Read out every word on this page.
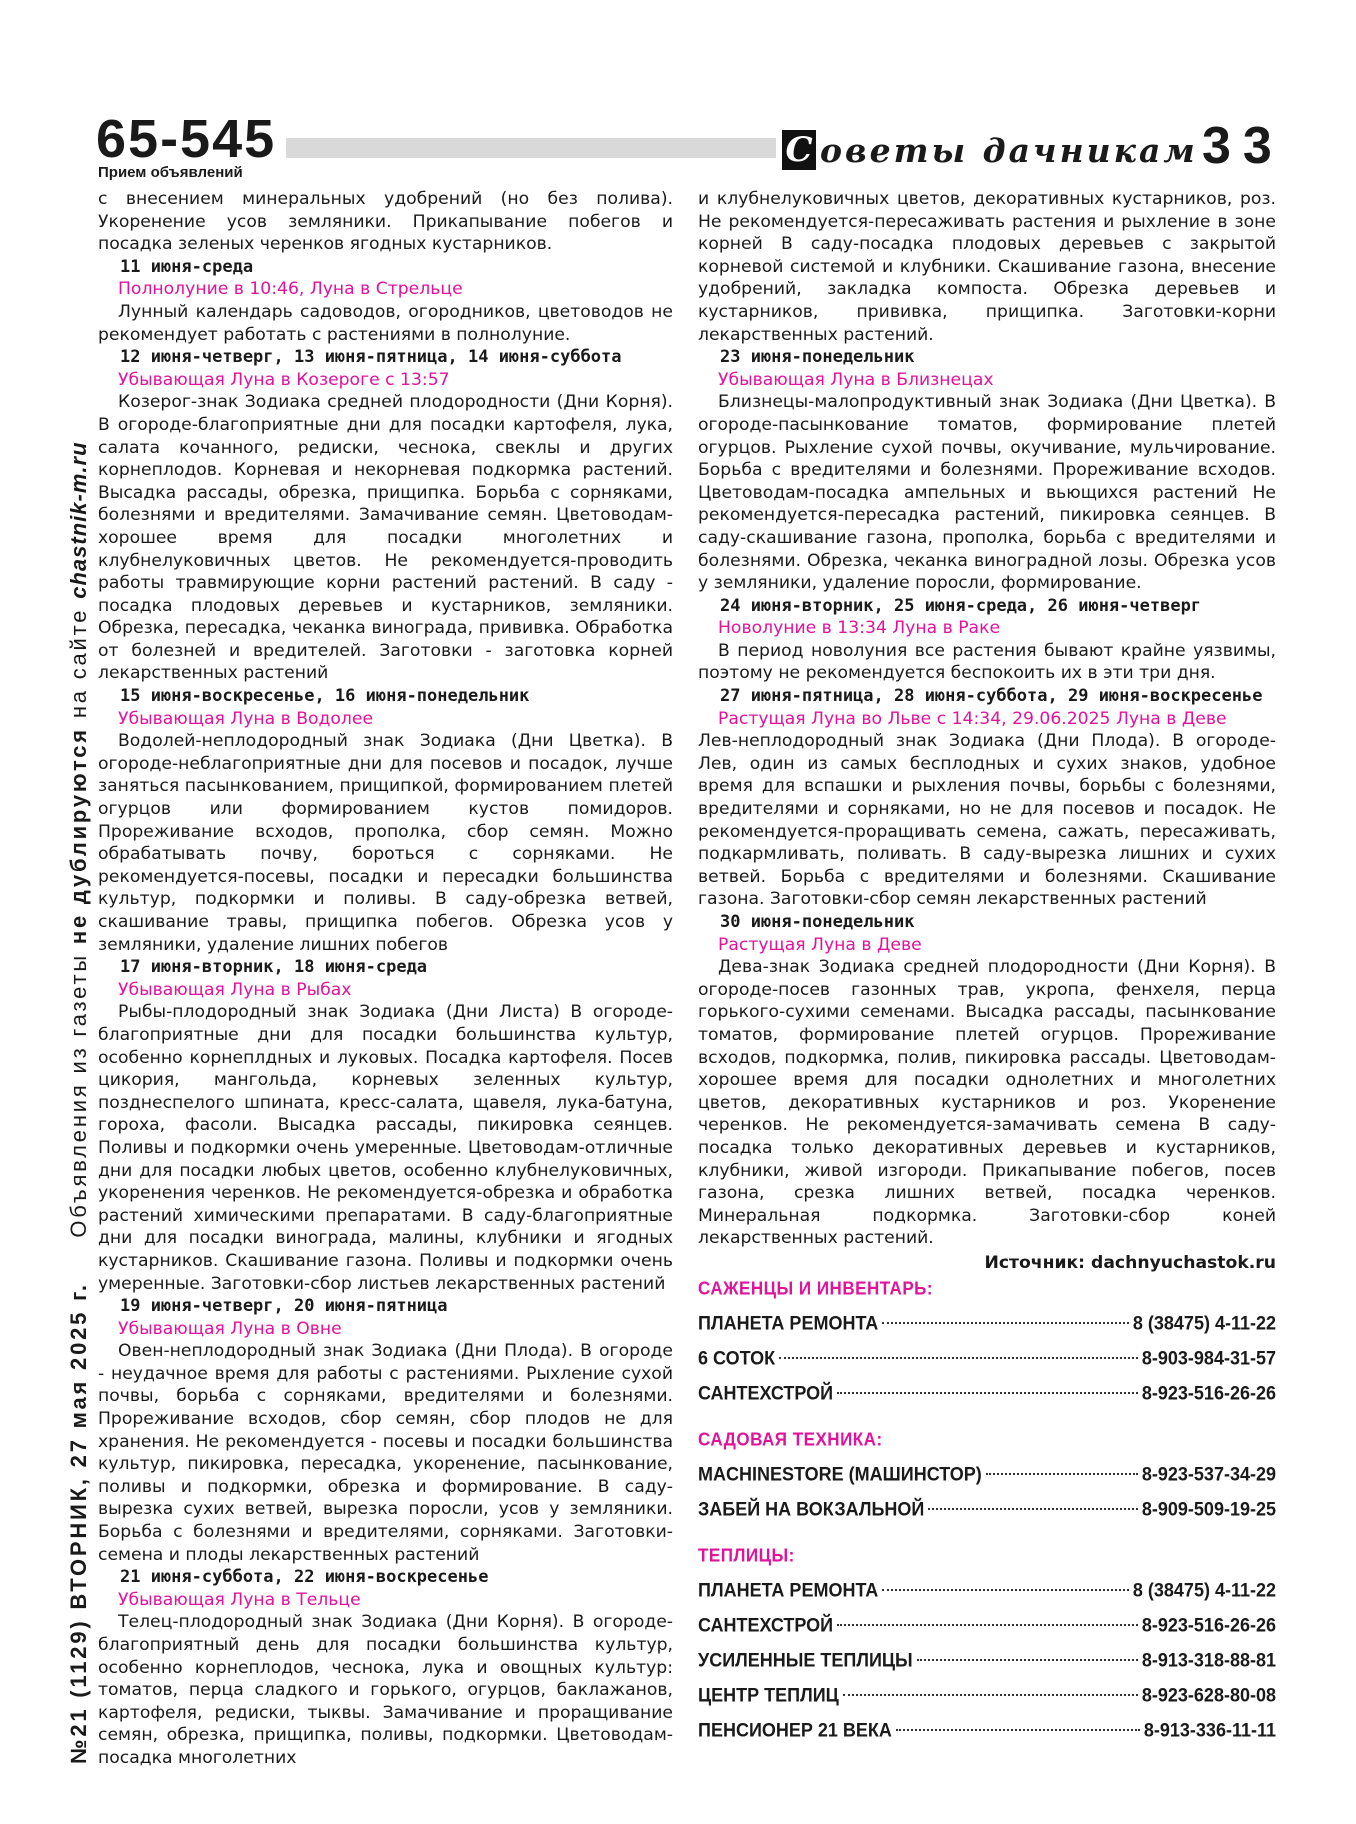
65-545
Прием объявлений
С оветы дачникам 33
№21 (1129) ВТОРНИК, 27 мая 2025 г.     Объявления из газеты не дублируются на сайте chastnik-m.ru

с внесением минеральных удобрений (но без полива). Укоренение усов земляники. Прикапывание побегов и посадка зеленых черенков ягодных кустарников.

11 июня-среда

Полнолуние в 10:46, Луна в Стрельце

Лунный календарь садоводов, огородников, цветоводов не рекомендует работать с растениями в полнолуние.

12 июня-четверг, 13 июня-пятница, 14 июня-суббота

Убывающая Луна в Козероге с 13:57

Козерог-знак Зодиака средней плодородности (Дни Корня). В огороде-благоприятные дни для посадки картофеля, лука, салата кочанного, редиски, чеснока, свеклы и других корнеплодов. Корневая и некорневая подкормка растений. Высадка рассады, обрезка, прищипка. Борьба с сорняками, болезнями и вредителями. Замачивание семян. Цветоводам-хорошее время для посадки многолетних и клубнелуковичных цветов. Не рекомендуется-проводить работы травмирующие корни растений растений. В саду - посадка плодовых деревьев и кустарников, земляники. Обрезка, пересадка, чеканка винограда, прививка. Обработка от болезней и вредителей. Заготовки - заготовка корней лекарственных растений

15 июня-воскресенье, 16 июня-понедельник

Убывающая Луна в Водолее

Водолей-неплодородный знак Зодиака (Дни Цветка). В огороде-неблагоприятные дни для посевов и посадок, лучше заняться пасынкованием, прищипкой, формированием плетей огурцов или формированием кустов помидоров. Прореживание всходов, прополка, сбор семян. Можно обрабатывать почву, бороться с сорняками. Не рекомендуется-посевы, посадки и пересадки большинства культур, подкормки и поливы. В саду-обрезка ветвей, скашивание травы, прищипка побегов. Обрезка усов у земляники, удаление лишних побегов

17 июня-вторник, 18 июня-среда

Убывающая Луна в Рыбах

Рыбы-плодородный знак Зодиака (Дни Листа) В огороде-благоприятные дни для посадки большинства культур, особенно корнеплдных и луковых. Посадка картофеля. Посев цикория, мангольда, корневых зеленных культур, позднеспелого шпината, кресс-салата, щавеля, лука-батуна, гороха, фасоли. Высадка рассады, пикировка сеянцев. Поливы и подкормки очень умеренные. Цветоводам-отличные дни для посадки любых цветов, особенно клубнелуковичных, укоренения черенков. Не рекомендуется-обрезка и обработка растений химическими препаратами. В саду-благоприятные дни для посадки винограда, малины, клубники и ягодных кустарников. Скашивание газона. Поливы и подкормки очень умеренные. Заготовки-сбор листьев лекарственных растений

19 июня-четверг, 20 июня-пятница

Убывающая Луна в Овне

Овен-неплодородный знак Зодиака (Дни Плода). В огороде - неудачное время для работы с растениями. Рыхление сухой почвы, борьба с сорняками, вредителями и болезнями. Прореживание всходов, сбор семян, сбор плодов не для хранения. Не рекомендуется - посевы и посадки большинства культур, пикировка, пересадка, укоренение, пасынкование, поливы и подкормки, обрезка и формирование. В саду-вырезка сухих ветвей, вырезка поросли, усов у земляники. Борьба с болезнями и вредителями, сорняками. Заготовки-семена и плоды лекарственных растений

21 июня-суббота, 22 июня-воскресенье

Убывающая Луна в Тельце

Телец-плодородный знак Зодиака (Дни Корня). В огороде-благоприятный день для посадки большинства культур, особенно корнеплодов, чеснока, лука и овощных культур: томатов, перца сладкого и горького, огурцов, баклажанов, картофеля, редиски, тыквы. Замачивание и проращивание семян, обрезка, прищипка, поливы, подкормки. Цветоводам-посадка многолетних

и клубнелуковичных цветов, декоративных кустарников, роз. Не рекомендуется-пересаживать растения и рыхление в зоне корней В саду-посадка плодовых деревьев с закрытой корневой системой и клубники. Скашивание газона, внесение удобрений, закладка компоста. Обрезка деревьев и кустарников, прививка, прищипка. Заготовки-корни лекарственных растений.

23 июня-понедельник

Убывающая Луна в Близнецах

Близнецы-малопродуктивный знак Зодиака (Дни Цветка). В огороде-пасынкование томатов, формирование плетей огурцов. Рыхление сухой почвы, окучивание, мульчирование. Борьба с вредителями и болезнями. Прореживание всходов. Цветоводам-посадка ампельных и вьющихся растений Не рекомендуется-пересадка растений, пикировка сеянцев. В саду-скашивание газона, прополка, борьба с вредителями и болезнями. Обрезка, чеканка виноградной лозы. Обрезка усов у земляники, удаление поросли, формирование.

24 июня-вторник, 25 июня-среда, 26 июня-четверг

Новолуние в 13:34 Луна в Раке

В период новолуния все растения бывают крайне уязвимы, поэтому не рекомендуется беспокоить их в эти три дня.

27 июня-пятница, 28 июня-суббота, 29 июня-воскресенье

Растущая Луна во Льве с 14:34, 29.06.2025 Луна в Деве

Лев-неплодородный знак Зодиака (Дни Плода). В огороде-Лев, один из самых бесплодных и сухих знаков, удобное время для вспашки и рыхления почвы, борьбы с болезнями, вредителями и сорняками, но не для посевов и посадок. Не рекомендуется-проращивать семена, сажать, пересаживать, подкармливать, поливать. В саду-вырезка лишних и сухих ветвей. Борьба с вредителями и болезнями. Скашивание газона. Заготовки-сбор семян лекарственных растений

30 июня-понедельник

Растущая Луна в Деве

Дева-знак Зодиака средней плодородности (Дни Корня). В огороде-посев газонных трав, укропа, фенхеля, перца горького-сухими семенами. Высадка рассады, пасынкование томатов, формирование плетей огурцов. Прореживание всходов, подкормка, полив, пикировка рассады. Цветоводам-хорошее время для посадки однолетних и многолетних цветов, декоративных кустарников и роз. Укоренение черенков. Не рекомендуется-замачивать семена В саду-посадка только декоративных деревьев и кустарников, клубники, живой изгороди. Прикапывание побегов, посев газона, срезка лишних ветвей, посадка черенков. Минеральная подкормка. Заготовки-сбор коней лекарственных растений.

Источник: dachnyuchastok.ru

САЖЕНЦЫ И ИНВЕНТАРЬ:
ПЛАНЕТА РЕМОНТА	8 (38475) 4-11-22
6 СОТОК	8-903-984-31-57
САНТЕХСТРОЙ	8-923-516-26-26
САДОВАЯ ТЕХНИКА:
MACHINESTORE (МАШИНСТОР)	8-923-537-34-29
ЗАБЕЙ НА ВОКЗАЛЬНОЙ	8-909-509-19-25
ТЕПЛИЦЫ:
ПЛАНЕТА РЕМОНТА	8 (38475) 4-11-22
САНТЕХСТРОЙ	8-923-516-26-26
УСИЛЕННЫЕ ТЕПЛИЦЫ	8-913-318-88-81
ЦЕНТР ТЕПЛИЦ	8-923-628-80-08
ПЕНСИОНЕР 21 ВЕКА	8-913-336-11-11
